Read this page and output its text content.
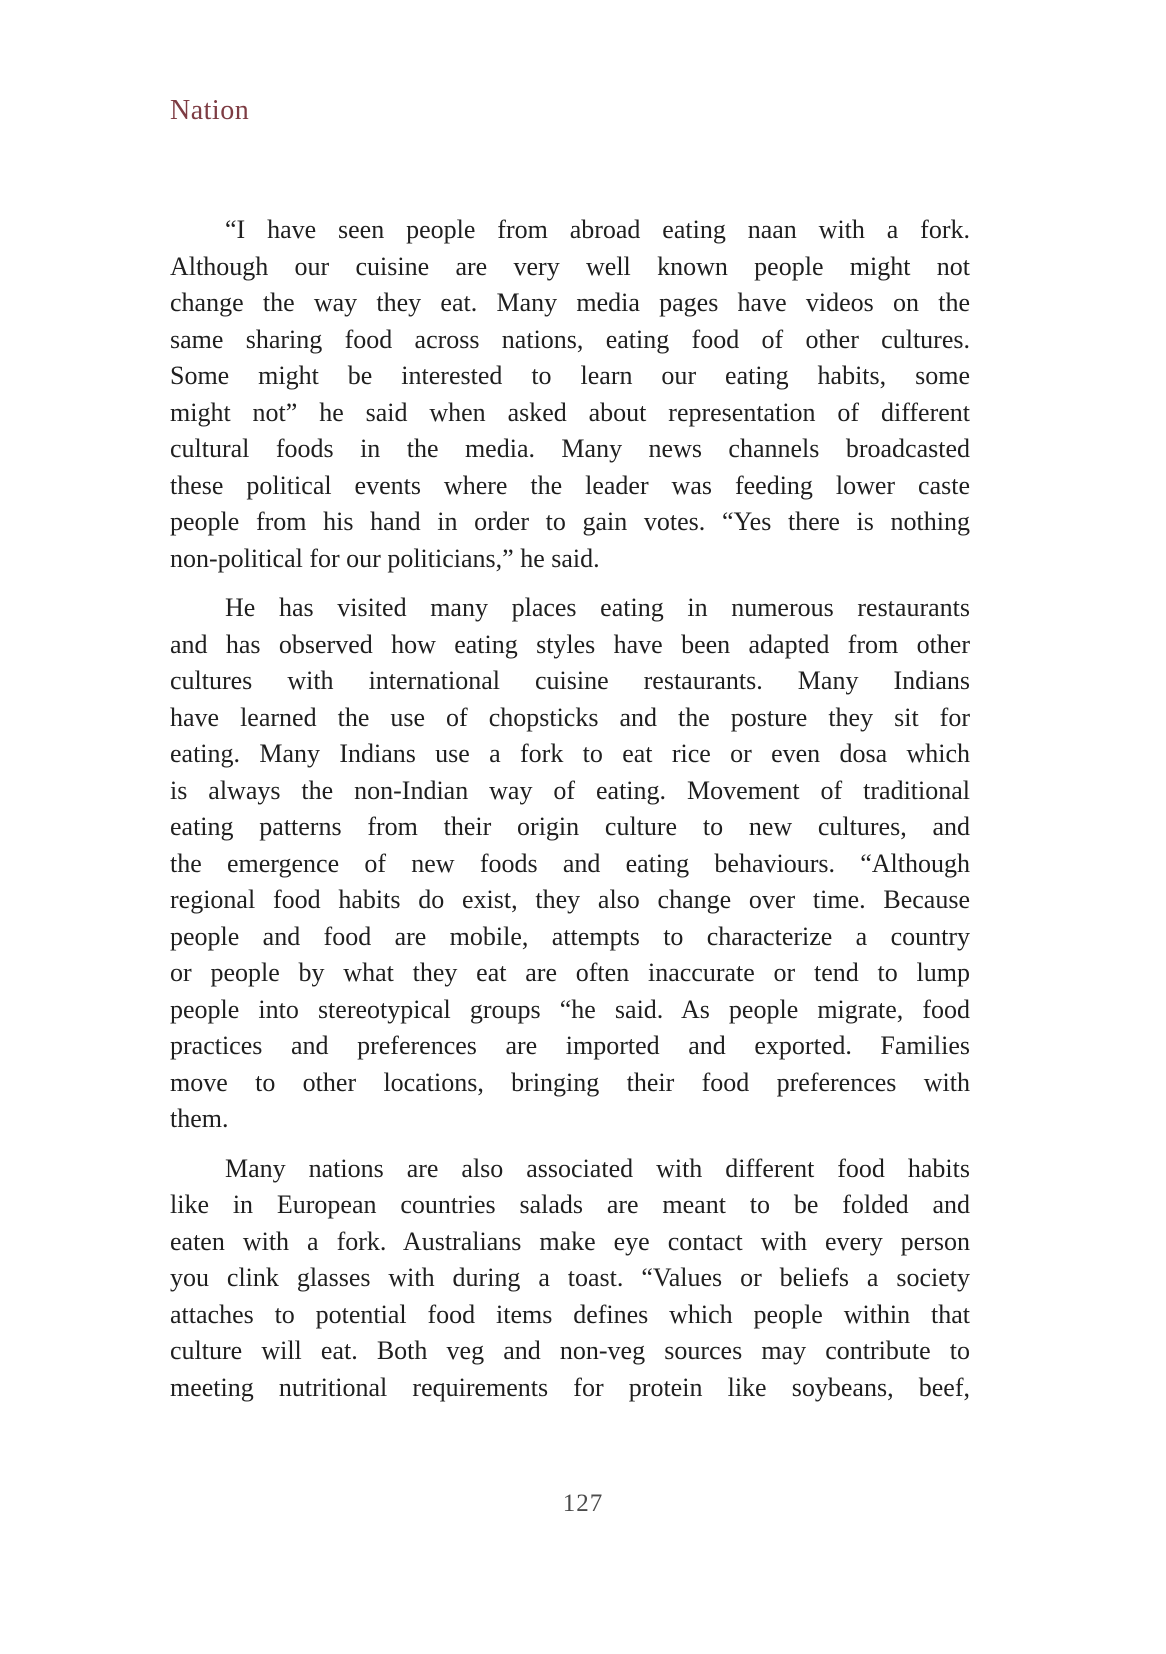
Nation
“I have seen people from abroad eating naan with a fork.
Although our cuisine are very well known people might not
change the way they eat. Many media pages have videos on the
same sharing food across nations, eating food of other cultures.
Some might be interested to learn our eating habits, some
might not” he said when asked about representation of different
cultural foods in the media. Many news channels broadcasted
these political events where the leader was feeding lower caste
people from his hand in order to gain votes. “Yes there is nothing
non-political for our politicians,” he said.
He has visited many places eating in numerous restaurants
and has observed how eating styles have been adapted from other
cultures with international cuisine restaurants. Many Indians
have learned the use of chopsticks and the posture they sit for
eating. Many Indians use a fork to eat rice or even dosa which
is always the non-Indian way of eating. Movement of traditional
eating patterns from their origin culture to new cultures, and
the emergence of new foods and eating behaviours. “Although
regional food habits do exist, they also change over time. Because
people and food are mobile, attempts to characterize a country
or people by what they eat are often inaccurate or tend to lump
people into stereotypical groups “he said. As people migrate, food
practices and preferences are imported and exported. Families
move to other locations, bringing their food preferences with
them.
Many nations are also associated with different food habits
like in European countries salads are meant to be folded and
eaten with a fork. Australians make eye contact with every person
you clink glasses with during a toast. “Values or beliefs a society
attaches to potential food items defines which people within that
culture will eat. Both veg and non-veg sources may contribute to
meeting nutritional requirements for protein like soybeans, beef,
127
